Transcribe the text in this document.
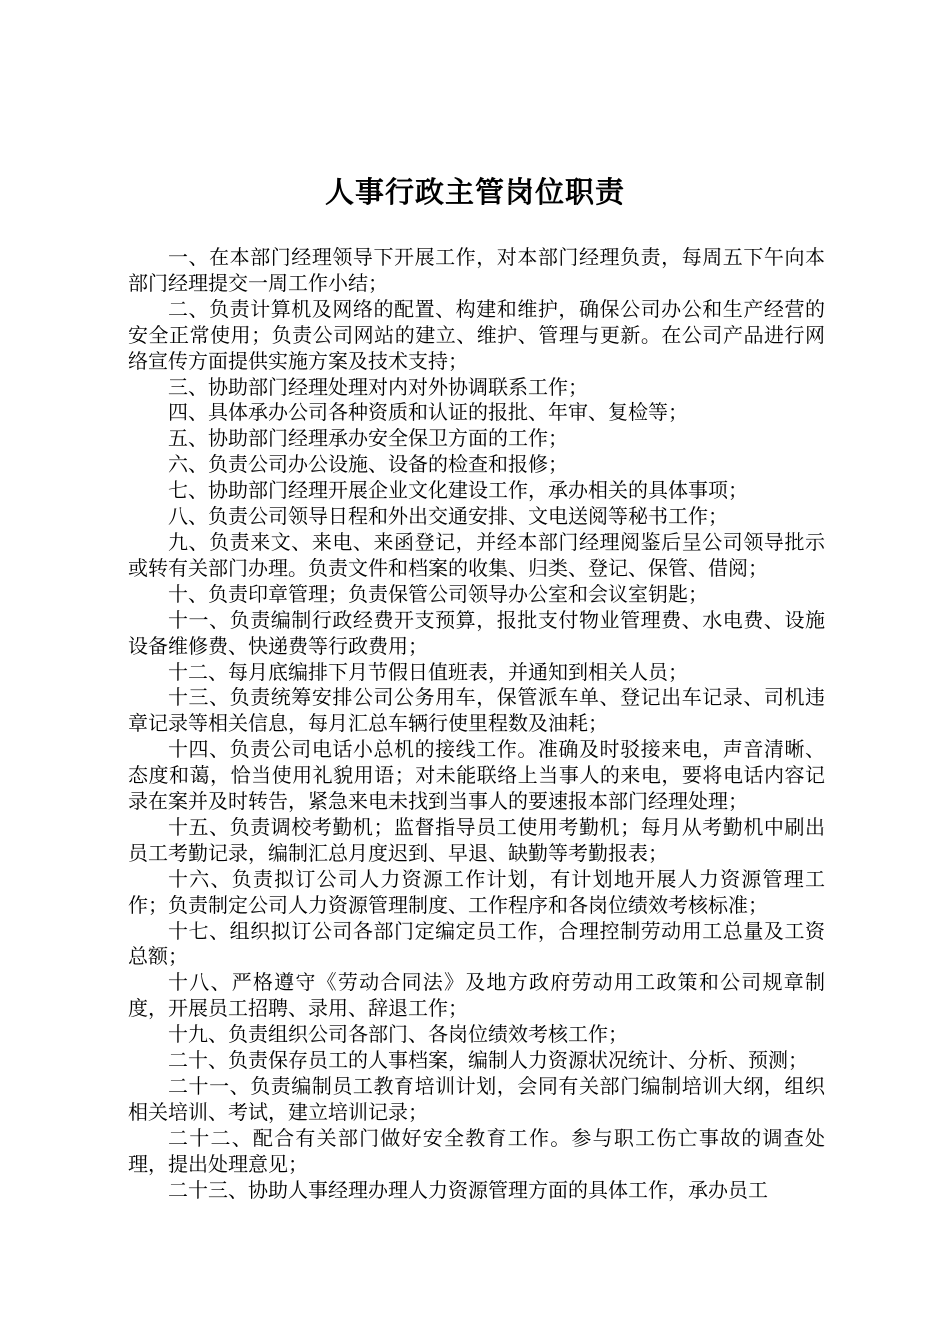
人事行政主管岗位职责

一、在本部门经理领导下开展工作，对本部门经理负责，每周五下午向本部门经理提交一周工作小结；

二、负责计算机及网络的配置、构建和维护，确保公司办公和生产经营的安全正常使用；负责公司网站的建立、维护、管理与更新。在公司产品进行网络宣传方面提供实施方案及技术支持；

三、协助部门经理处理对内对外协调联系工作；

四、具体承办公司各种资质和认证的报批、年审、复检等；

五、协助部门经理承办安全保卫方面的工作；

六、负责公司办公设施、设备的检查和报修；

七、协助部门经理开展企业文化建设工作，承办相关的具体事项；

八、负责公司领导日程和外出交通安排、文电送阅等秘书工作；

九、负责来文、来电、来函登记，并经本部门经理阅鉴后呈公司领导批示或转有关部门办理。负责文件和档案的收集、归类、登记、保管、借阅；

十、负责印章管理；负责保管公司领导办公室和会议室钥匙；

十一、负责编制行政经费开支预算，报批支付物业管理费、水电费、设施设备维修费、快递费等行政费用；

十二、每月底编排下月节假日值班表，并通知到相关人员；

十三、负责统筹安排公司公务用车，保管派车单、登记出车记录、司机违章记录等相关信息，每月汇总车辆行使里程数及油耗；

十四、负责公司电话小总机的接线工作。准确及时驳接来电，声音清晰、态度和蔼，恰当使用礼貌用语；对未能联络上当事人的来电，要将电话内容记录在案并及时转告，紧急来电未找到当事人的要速报本部门经理处理；

十五、负责调校考勤机；监督指导员工使用考勤机；每月从考勤机中刷出员工考勤记录，编制汇总月度迟到、早退、缺勤等考勤报表；

十六、负责拟订公司人力资源工作计划，有计划地开展人力资源管理工作；负责制定公司人力资源管理制度、工作程序和各岗位绩效考核标准；

十七、组织拟订公司各部门定编定员工作，合理控制劳动用工总量及工资总额；

十八、严格遵守《劳动合同法》及地方政府劳动用工政策和公司规章制度，开展员工招聘、录用、辞退工作；

十九、负责组织公司各部门、各岗位绩效考核工作；

二十、负责保存员工的人事档案，编制人力资源状况统计、分析、预测；

二十一、负责编制员工教育培训计划，会同有关部门编制培训大纲，组织相关培训、考试，建立培训记录；

二十二、配合有关部门做好安全教育工作。参与职工伤亡事故的调查处理，提出处理意见；

二十三、协助人事经理办理人力资源管理方面的具体工作，承办员工
